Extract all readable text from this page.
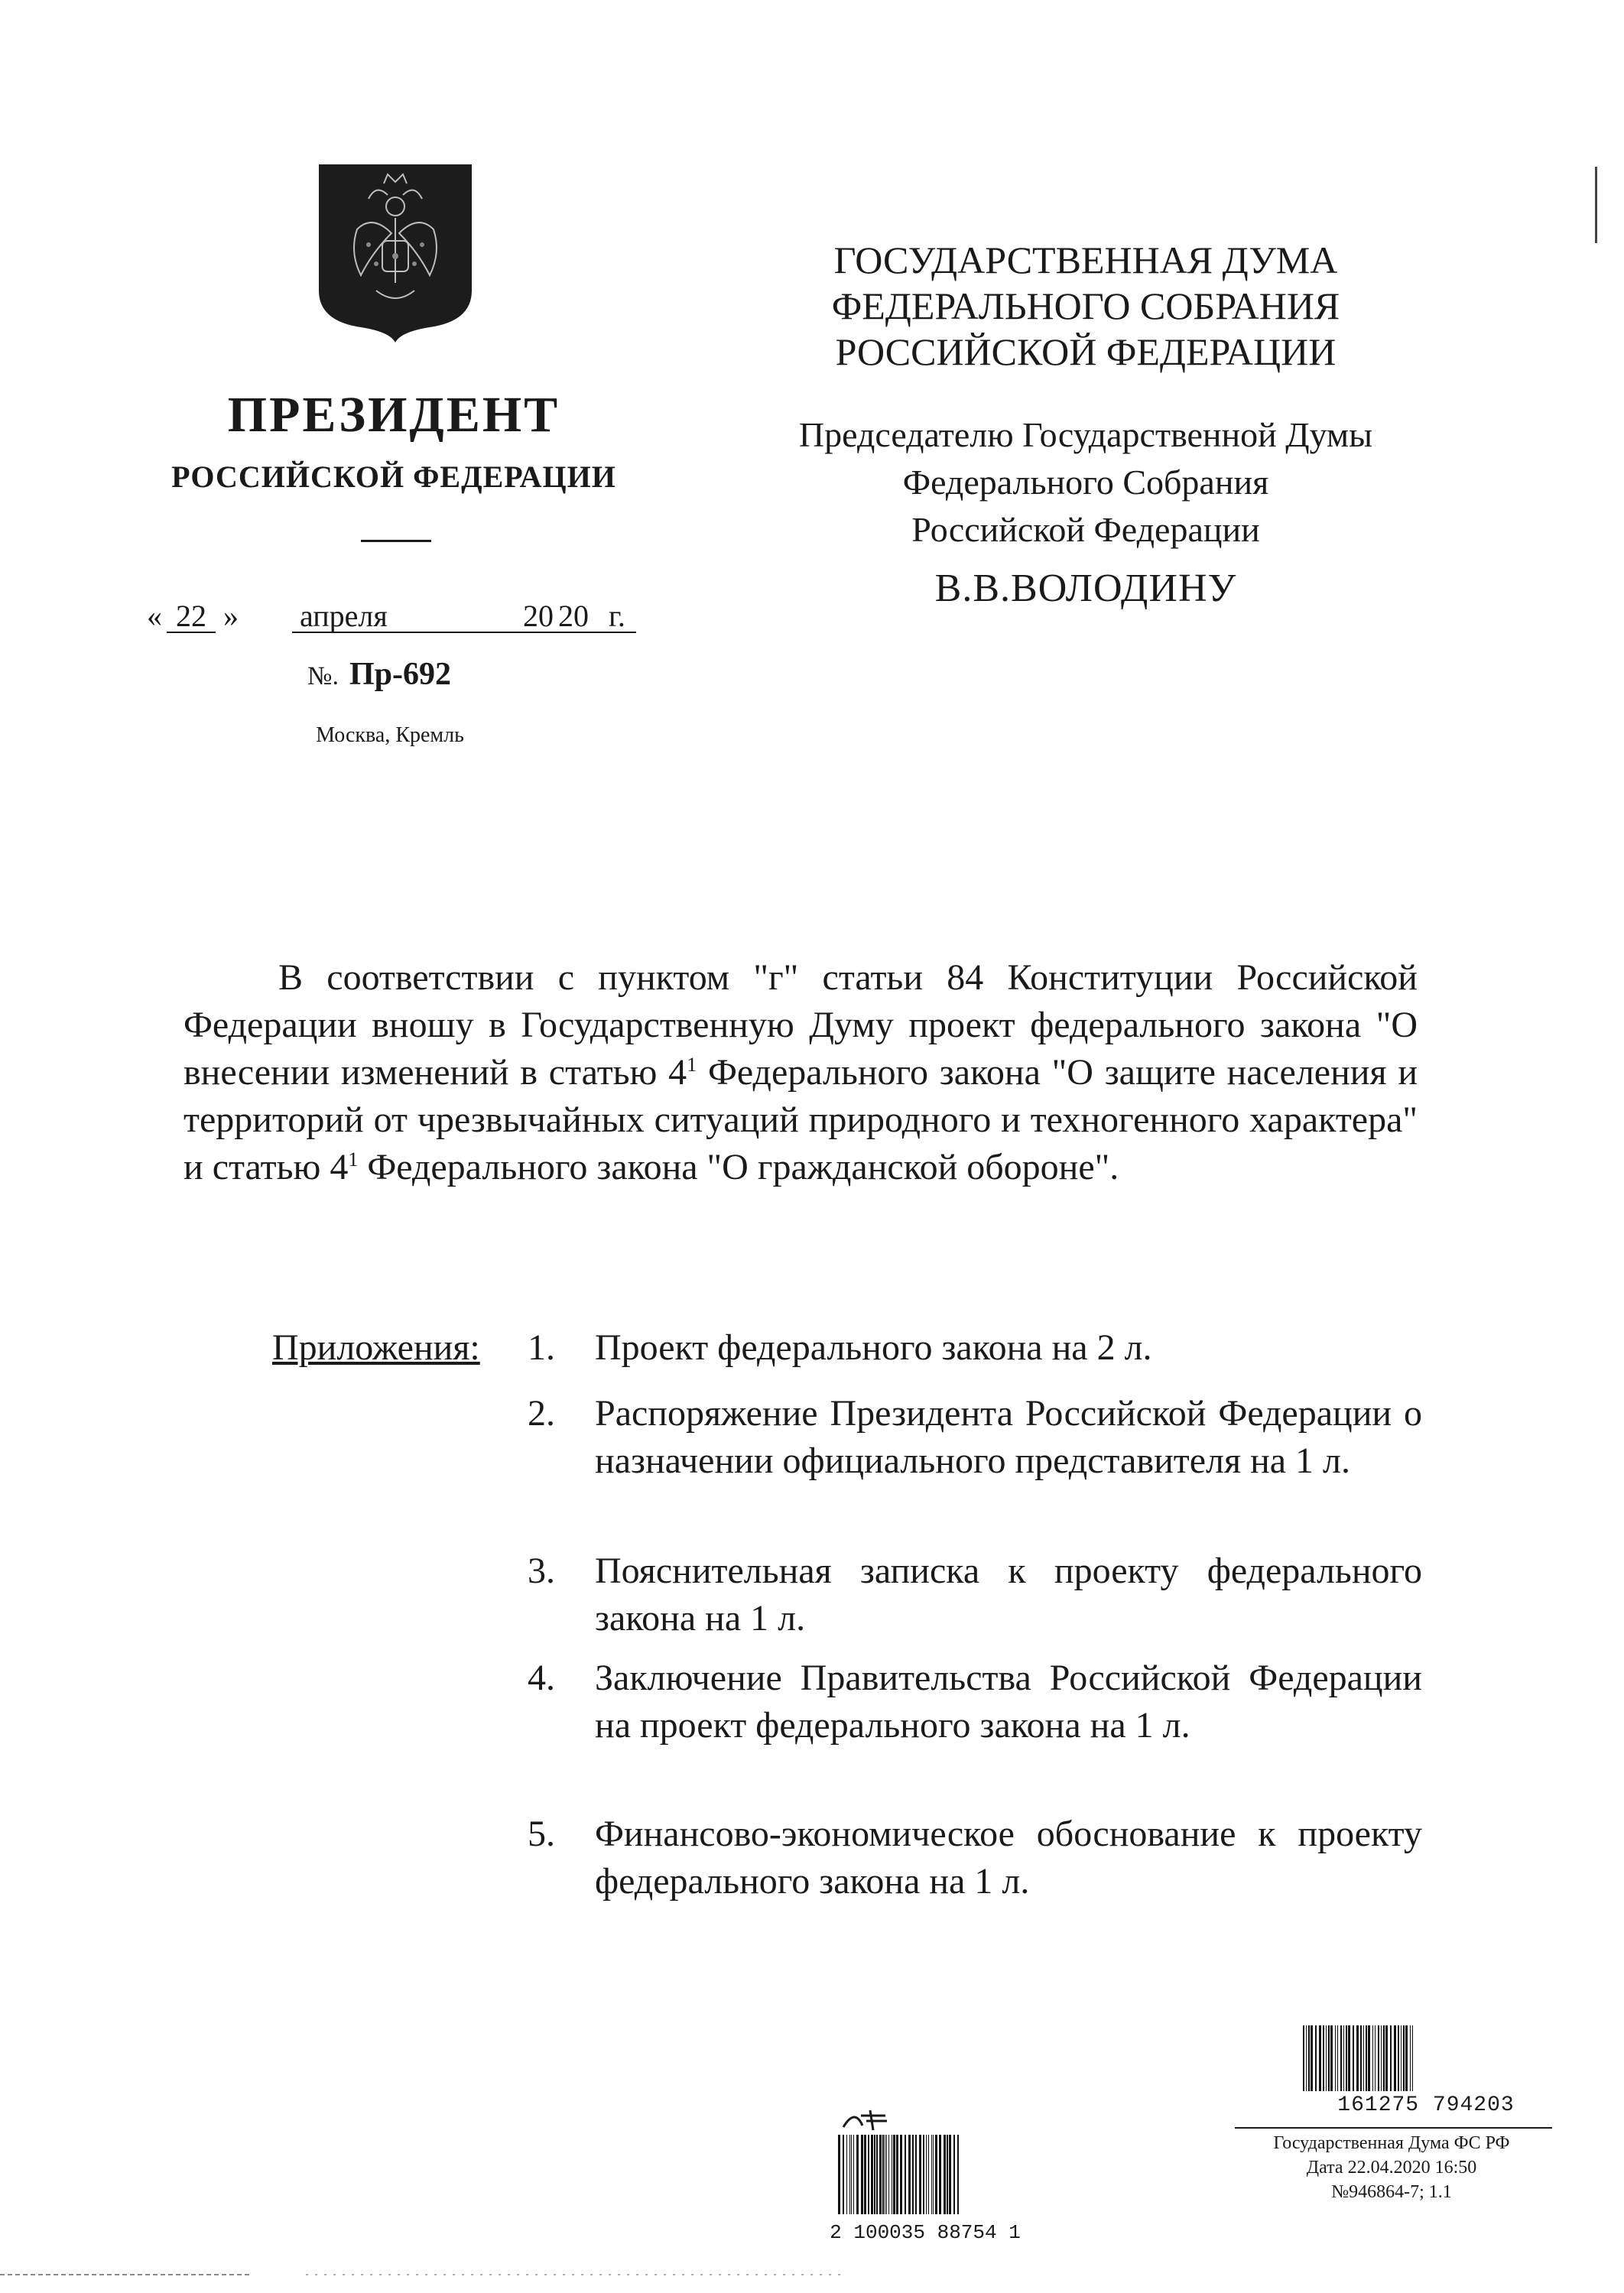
ПРЕЗИДЕНТ
РОССИЙСКОЙ ФЕДЕРАЦИИ
« 22 » апреля	20 20 г.
№. Пр-692
Москва, Кремль
ГОСУДАРСТВЕННАЯ ДУМА
ФЕДЕРАЛЬНОГО СОБРАНИЯ
РОССИЙСКОЙ ФЕДЕРАЦИИ
Председателю Государственной Думы
Федерального Собрания
Российской Федерации
В.В.ВОЛОДИНУ
В соответствии с пунктом "г" статьи 84 Конституции Российской Федерации вношу в Государственную Думу проект федерального закона "О внесении изменений в статью $4^1$ Федерального закона "О защите населения и территорий от чрезвычайных ситуаций природного и техногенного характера" и статью $4^1$ Федерального закона "О гражданской обороне".
Приложения: 1.	Проект федерального закона на 2 л.
2.	Распоряжение Президента Российской Федерации о назначении официального представителя на 1 л.
3.	Пояснительная записка к проекту федерального закона на 1 л.
4.	Заключение Правительства Российской Федерации на проект федерального закона на 1 л.
5.	Финансово-экономическое обоснование к проекту федерального закона на 1 л.
2 100035 88754 1
161275 794203
Государственная Дума ФС РФ
Дата 22.04.2020 16:50
№946864-7; 1.1
